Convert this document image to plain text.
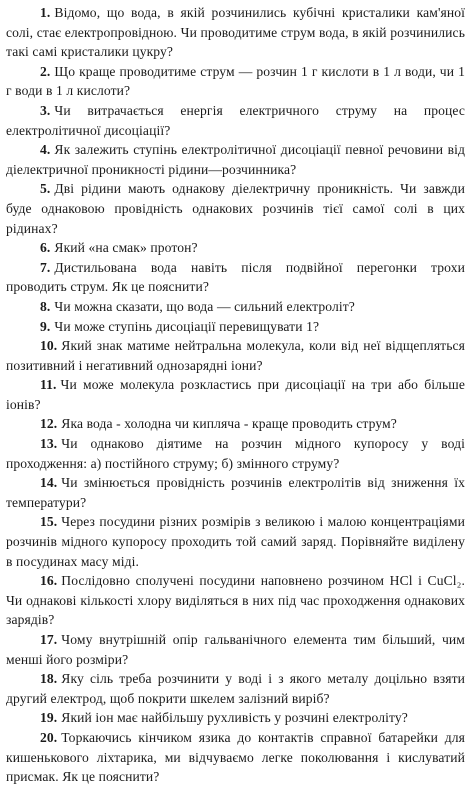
1. Відомо, що вода, в якій розчинились кубічні кристалики кам'яної солі, стає електропровідною. Чи проводитиме струм вода, в якій розчинились такі самі кристалики цукру?

2. Що краще проводитиме струм — розчин 1 г кислоти в 1 л води, чи 1 г води в 1 л кислоти?

3. Чи витрачається енергія електричного струму на процес електролітичної дисоціації?

4. Як залежить ступінь електролітичної дисоціації певної речовини від діелектричної проникності рідини—розчинника?

5. Дві рідини мають однакову діелектричну проникність. Чи завжди буде однаковою провідність однакових розчинів тієї самої солі в цих рідинах?

6. Який «на смак» протон?

7. Дистильована вода навіть після подвійної перегонки трохи проводить струм. Як це пояснити?

8. Чи можна сказати, що вода — сильний електроліт?

9. Чи може ступінь дисоціації перевищувати 1?

10. Який знак матиме нейтральна молекула, коли від неї відщепляться позитивний і негативний однозарядні іони?

11. Чи може молекула розкластись при дисоціації на три або більше іонів?

12. Яка вода - холодна чи кипляча - краще проводить струм?

13. Чи однаково діятиме на розчин мідного купоросу у воді проходження: а) постійного струму; б) змінного струму?

14. Чи змінюється провідність розчинів електролітів від зниження їх температури?

15. Через посудини різних розмірів з великою і малою концентраціями розчинів мідного купоросу проходить той самий заряд. Порівняйте виділену в посудинах масу міді.

16. Послідовно сполучені посудини наповнено розчином HCl і CuCl₂. Чи однакові кількості хлору виділяться в них під час проходження однакових зарядів?

17. Чому внутрішній опір гальванічного елемента тим більший, чим менші його розміри?

18. Яку сіль треба розчинити у воді і з якого металу доцільно взяти другий електрод, щоб покрити шкелем залізний виріб?

19. Який іон має найбільшу рухливість у розчині електроліту?

20. Торкаючись кінчиком язика до контактів справної батарейки для кишенькового ліхтарика, ми відчуваємо легке поколювання і кислуватий присмак. Як це пояснити?
